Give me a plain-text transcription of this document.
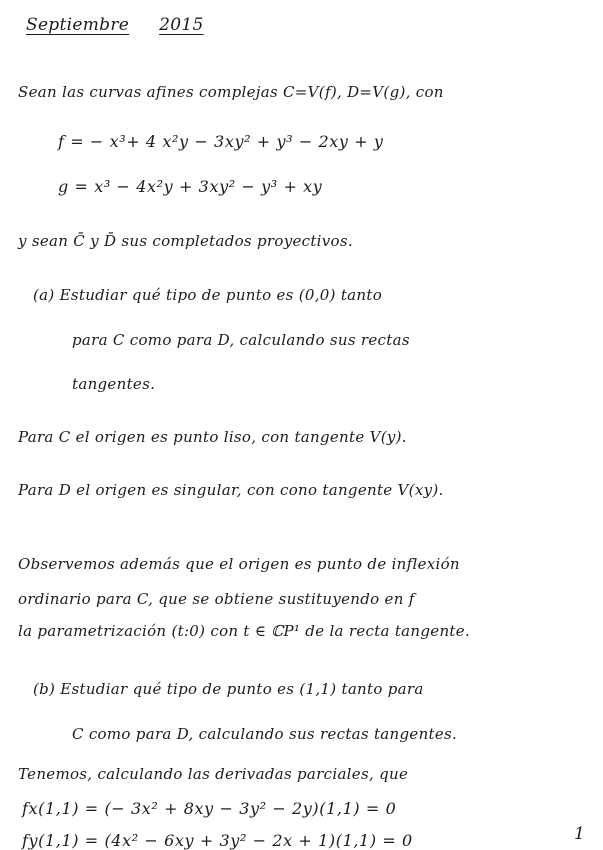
Septiembre 2015
Sean las curvas afines complejas C=V(f), D=V(g), con
f = − x³+ 4 x²y − 3xy² + y³ − 2xy + y
g = x³ − 4x²y + 3xy² − y³ + xy
y sean C̄ y D̄ sus completados proyectivos.
(a) Estudiar qué tipo de punto es (0,0) tanto
para C como para D, calculando sus rectas
tangentes.
Para C el origen es punto liso, con tangente V(y).
Para D el origen es singular, con cono tangente V(xy).
Observemos además que el origen es punto de inflexión
ordinario para C, que se obtiene sustituyendo en f
la parametrización (t:0) con t ∈ ℂP¹ de la recta tangente.
(b) Estudiar qué tipo de punto es (1,1) tanto para
C como para D, calculando sus rectas tangentes.
Tenemos, calculando las derivadas parciales, que
fx(1,1) = (− 3x² + 8xy − 3y² − 2y)(1,1) = 0
fy(1,1) = (4x² − 6xy + 3y² − 2x + 1)(1,1) = 0	1
